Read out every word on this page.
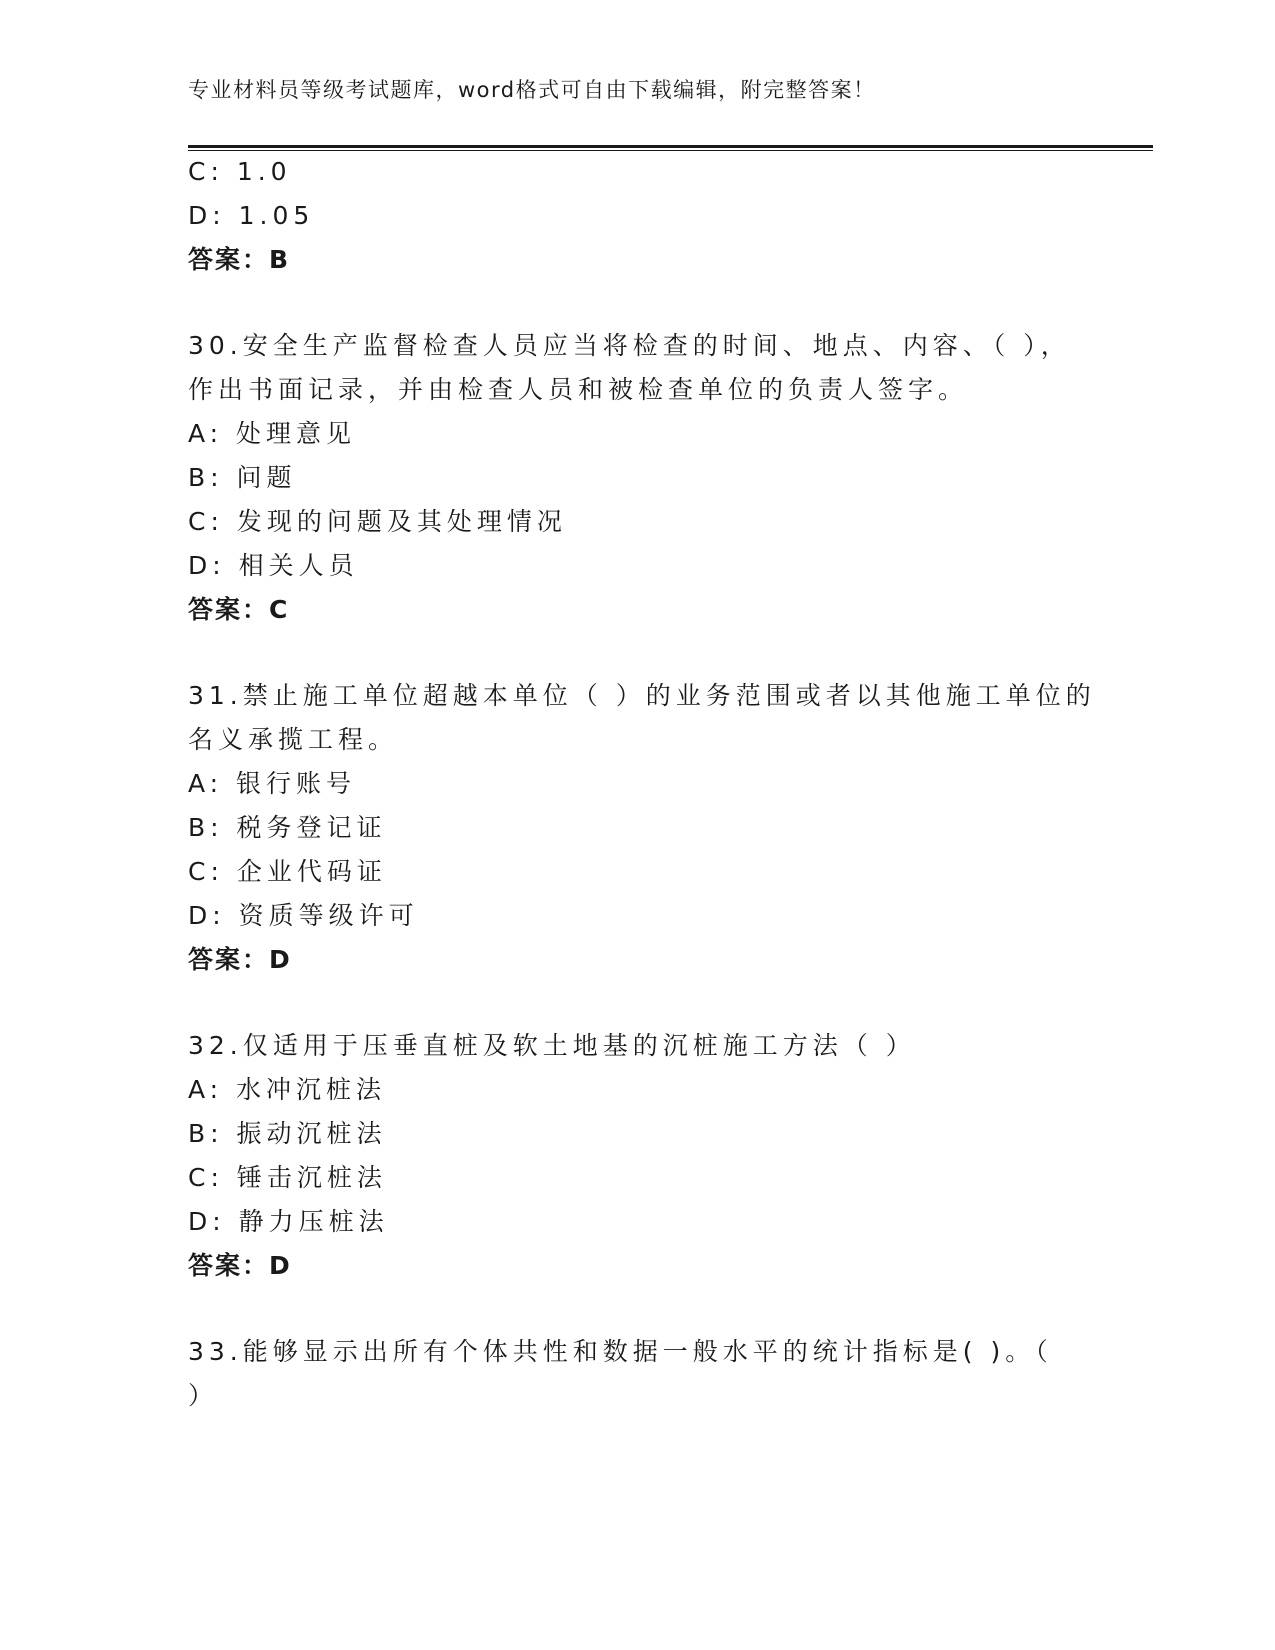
专业材料员等级考试题库，word格式可自由下载编辑，附完整答案！
C: 1.0
D: 1.05
答案：B
30.安全生产监督检查人员应当将检查的时间、地点、内容、（ ），
作出书面记录，并由检查人员和被检查单位的负责人签字。
A: 处理意见
B: 问题
C: 发现的问题及其处理情况
D: 相关人员
答案：C
31.禁止施工单位超越本单位（ ）的业务范围或者以其他施工单位的
名义承揽工程。
A: 银行账号
B: 税务登记证
C: 企业代码证
D: 资质等级许可
答案：D
32.仅适用于压垂直桩及软土地基的沉桩施工方法（ ）
A: 水冲沉桩法
B: 振动沉桩法
C: 锤击沉桩法
D: 静力压桩法
答案：D
33.能够显示出所有个体共性和数据一般水平的统计指标是( )。（
）
